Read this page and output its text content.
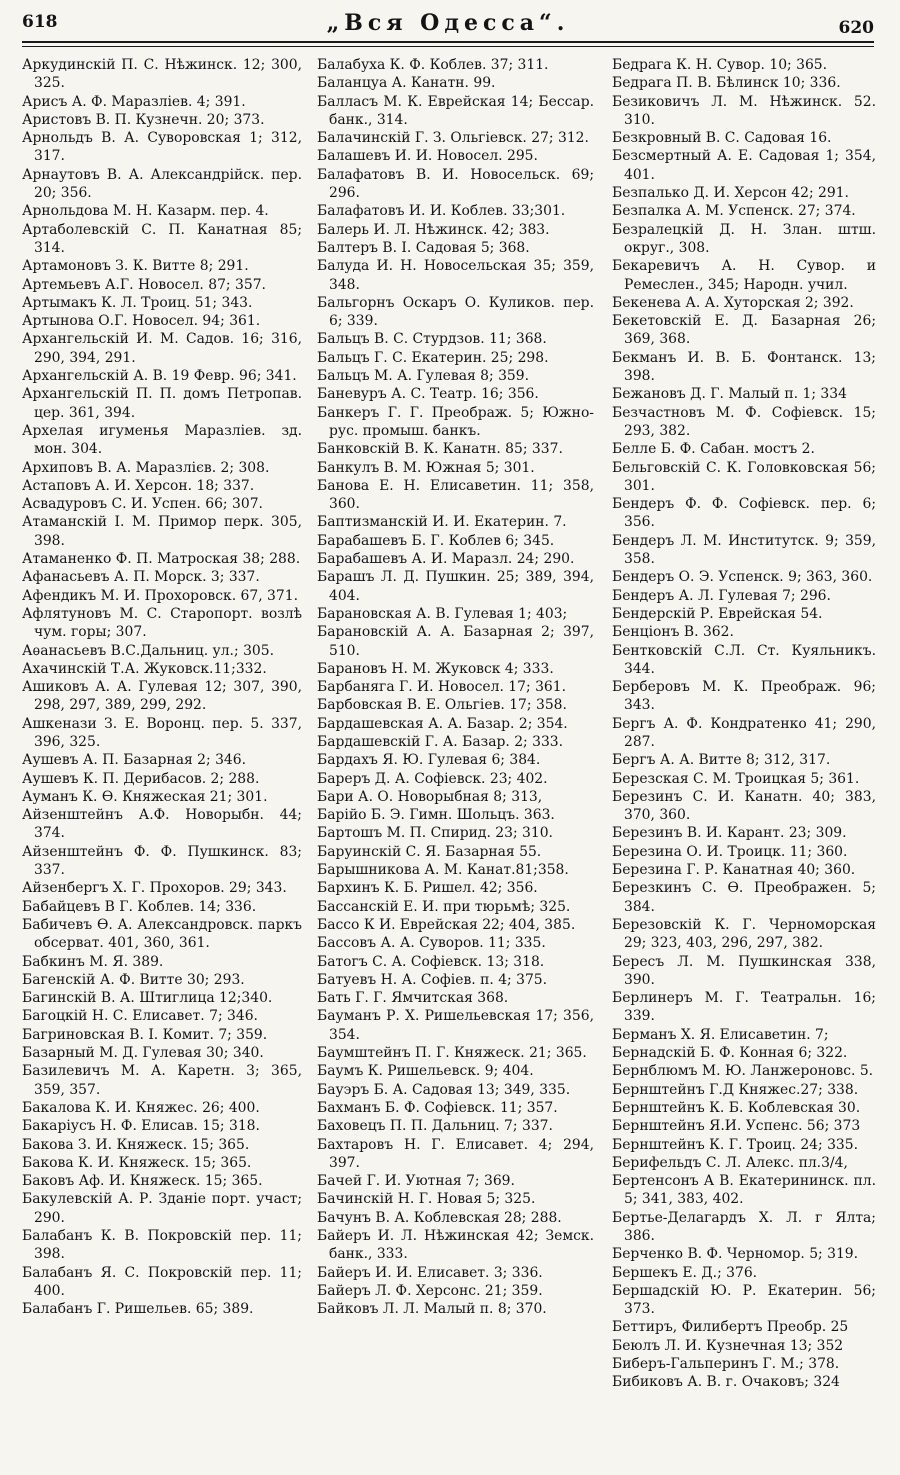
618	„Вся Одесса“.	620

Аркудинскій П. С. Нѣжинск. 12; 300, 325.

Арисъ А. Ф. Маразліев. 4; 391.

Аристовъ В. П. Кузнечн. 20; 373.

Арнольдъ В. А. Суворовская 1; 312, 317.

Арнаутовъ В. А. Александрійск. пер. 20; 356.

Арнольдова М. Н. Казарм. пер. 4.

Артаболевскій С. П. Канатная 85; 314.

Артамоновъ З. К. Витте 8; 291.

Артемьевъ А.Г. Новосел. 87; 357.

Артымакъ К. Л. Троиц. 51; 343.

Артынова О.Г. Новосел. 94; 361.

Архангельскій И. М. Садов. 16; 316, 290, 394, 291.

Архангельскій А. В. 19 Февр. 96; 341.

Архангельскій П. П. домъ Петропав. цер. 361, 394.

Архелая игуменья Маразліев. зд. мон. 304.

Архиповъ В. А. Маразлієв. 2; 308.

Астаповъ А. И. Херсон. 18; 337.

Асвадуровъ С. И. Успен. 66; 307.

Атаманскій І. М. Примор перк. 305, 398.

Атаманенко Ф. П. Матроская 38; 288.

Афанасьевъ А. П. Морск. 3; 337.

Афендикъ М. И. Прохоровск. 67, 371.

Афлятуновъ М. С. Старопорт. возлѣ чум. горы; 307.

Аѳанасьевъ В.С.Дальниц. ул.; 305.

Ахачинскій Т.А. Жуковск.11;332.

Ашиковъ А. А. Гулевая 12; 307, 390, 298, 297, 389, 299, 292.

Ашкенази З. Е. Воронц. пер. 5. 337, 396, 325.

Аушевъ А. П. Базарная 2; 346.

Аушевъ К. П. Дерибасов. 2; 288.

Ауманъ К. Ѳ. Княжеская 21; 301.

Айзенштейнъ А.Ф. Новорыбн. 44; 374.

Айзенштейнъ Ф. Ф. Пушкинск. 83; 337.

Айзенбергъ Х. Г. Прохоров. 29; 343.

Бабайцевъ В Г. Коблев. 14; 336.

Бабичевъ Ѳ. А. Александровск. паркъ обсерват. 401, 360, 361.

Бабкинъ М. Я. 389.

Багенскій А. Ф. Витте 30; 293.

Багинскій В. А. Штиглица 12;340.

Багоцкій Н. С. Елисавет. 7; 346.

Багриновская В. І. Комит. 7; 359.

Базарный М. Д. Гулевая 30; 340.

Базилевичъ М. А. Каретн. 3; 365, 359, 357.

Бакалова К. И. Княжес. 26; 400.

Бакаріусъ Н. Ф. Елисав. 15; 318.

Бакова З. И. Княжеск. 15; 365.

Бакова К. И. Княжеск. 15; 365.

Баковъ Аф. И. Княжеск. 15; 365.

Бакулевскій А. Р. Зданіе порт. участ; 290.

Балабанъ К. В. Покровскій пер. 11; 398.

Балабанъ Я. С. Покровскій пер. 11; 400.

Балабанъ Г. Ришельев. 65; 389.

Балабуха К. Ф. Коблев. 37; 311.

Баланцуа А. Канатн. 99.

Балласъ М. К. Еврейская 14; Бессар. банк., 314.

Балачинскій Г. З. Ольгіевск. 27; 312.

Балашевъ И. И. Новосел. 295.

Балафатовъ В. И. Новосельск. 69; 296.

Балафатовъ И. И. Коблев. 33;301.

Балерь И. Л. Нѣжинск. 42; 383.

Балтеръ В. І. Садовая 5; 368.

Балуда И. Н. Новосельская 35; 359, 348.

Бальгорнъ Оскаръ О. Куликов. пер. 6; 339.

Бальцъ В. С. Стурдзов. 11; 368.

Бальцъ Г. С. Екатерин. 25; 298.

Бальцъ М. А. Гулевая 8; 359.

Баневуръ А. С. Театр. 16; 356.

Банкеръ Г. Г. Преображ. 5; Южно-рус. промыш. банкъ.

Банковскій В. К. Канатн. 85; 337.

Банкулъ В. М. Южная 5; 301.

Банова Е. Н. Елисаветин. 11; 358, 360.

Баптизманскій И. И. Екатерин. 7.

Барабашевъ Б. Г. Коблев 6; 345.

Барабашевъ А. И. Маразл. 24; 290.

Барашъ Л. Д. Пушкин. 25; 389, 394, 404.

Барановская А. В. Гулевая 1; 403;

Барановскій А. А. Базарная 2; 397, 510.

Барановъ Н. М. Жуковск 4; 333.

Барбаняга Г. И. Новосел. 17; 361.

Барбовская В. Е. Ольгіев. 17; 358.

Бардашевская А. А. Базар. 2; 354.

Бардашевскій Г. А. Базар. 2; 333.

Бардахъ Я. Ю. Гулевая 6; 384.

Бареръ Д. А. Софіевск. 23; 402.

Бари А. О. Новорыбная 8; 313,

Барійо Б. Э. Гимн. Шольцъ. 363.

Бартошъ М. П. Спирид. 23; 310.

Баруинскій С. Я. Базарная 55.

Барышникова А. М. Канат.81;358.

Бархинъ К. Б. Ришел. 42; 356.

Бассанскій Е. И. при тюрьмѣ; 325.

Бассо К И. Еврейская 22; 404, 385.

Бассовъ А. А. Суворов. 11; 335.

Батогъ С. А. Софіевск. 13; 318.

Батуевъ Н. А. Софіев. п. 4; 375.

Бать Г. Г. Ямчитская 368.

Бауманъ Р. Х. Ришельевская 17; 356, 354.

Баумштейнъ П. Г. Княжеск. 21; 365.

Баумъ К. Ришельевск. 9; 404.

Бауэръ Б. А. Садовая 13; 349, 335.

Бахманъ Б. Ф. Софіевск. 11; 357.

Баховецъ П. П. Дальниц. 7; 337.

Бахтаровъ Н. Г. Елисавет. 4; 294, 397.

Бачей Г. И. Уютная 7; 369.

Бачинскій Н. Г. Новая 5; 325.

Бачунъ В. А. Коблевская 28; 288.

Байеръ И. Л. Нѣжинская 42; Земск. банк., 333.

Байеръ И. И. Елисавет. 3; 336.

Байеръ Л. Ф. Херсонс. 21; 359.

Байковъ Л. Л. Малый п. 8; 370.

Бедрага К. Н. Сувор. 10; 365.

Бедрага П. В. Бѣлинск 10; 336.

Безиковичъ Л. М. Нѣжинск. 52. 310.

Безкровный В. С. Садовая 16.

Безсмертный А. Е. Садовая 1; 354, 401.

Безпалько Д. И. Херсон 42; 291.

Безпалка А. М. Успенск. 27; 374.

Безралецкій Д. Н. Злан. штш. округ., 308.

Бекаревичъ А. Н. Сувор. и Ремеслен., 345; Народн. учил.

Бекенева А. А. Хуторская 2; 392.

Бекетовскій Е. Д. Базарная 26; 369, 368.

Бекманъ И. В. Б. Фонтанск. 13; 398.

Бежановъ Д. Г. Малый п. 1; 334

Безчастновъ М. Ф. Софіевск. 15; 293, 382.

Белле Б. Ф. Сабан. мостъ 2.

Бельговскій С. К. Головковская 56; 301.

Бендеръ Ф. Ф. Софіевск. пер. 6; 356.

Бендеръ Л. М. Институтск. 9; 359, 358.

Бендеръ О. Э. Успенск. 9; 363, 360.

Бендеръ А. Л. Гулевая 7; 296.

Бендерскій Р. Еврейская 54.

Бенціонъ В. 362.

Бентковскій С.Л. Ст. Куяльникъ. 344.

Берберовъ М. К. Преображ. 96; 343.

Бергъ А. Ф. Кондратенко 41; 290, 287.

Бергъ А. А. Витте 8; 312, 317.

Березская С. М. Троицкая 5; 361.

Березинъ С. И. Канатн. 40; 383, 370, 360.

Березинъ В. И. Карант. 23; 309.

Березина О. И. Троицк. 11; 360.

Березина Г. Р. Канатная 40; 360.

Березкинъ С. Ѳ. Преображен. 5; 384.

Березовскій К. Г. Черноморская 29; 323, 403, 296, 297, 382.

Бересъ Л. М. Пушкинская 338, 390.

Берлинеръ М. Г. Театральн. 16; 339.

Берманъ Х. Я. Елисаветин. 7;

Бернадскій Б. Ф. Конная 6; 322.

Бернблюмъ М. Ю. Ланжероновс. 5.

Бернштейнъ Г.Д Княжес.27; 338.

Бернштейнъ К. Б. Коблевская 30.

Бернштейнъ Я.И. Успенс. 56; 373

Бернштейнъ К. Г. Троиц. 24; 335.

Берифельдъ С. Л. Алекс. пл.3/4,

Бертенсонъ А В. Екатерининск. пл. 5; 341, 383, 402.

Бертье-Делагардъ Х. Л. г Ялта; 386.

Берченко В. Ф. Черномор. 5; 319.

Бершекъ Е. Д.; 376.

Бершадскій Ю. Р. Екатерин. 56; 373.

Беттиръ, Филибертъ Преобр. 25

Беюлъ Л. И. Кузнечная 13; 352

Биберъ-Гальперинъ Г. М.; 378.

Бибиковъ А. В. г. Очаковъ; 324
